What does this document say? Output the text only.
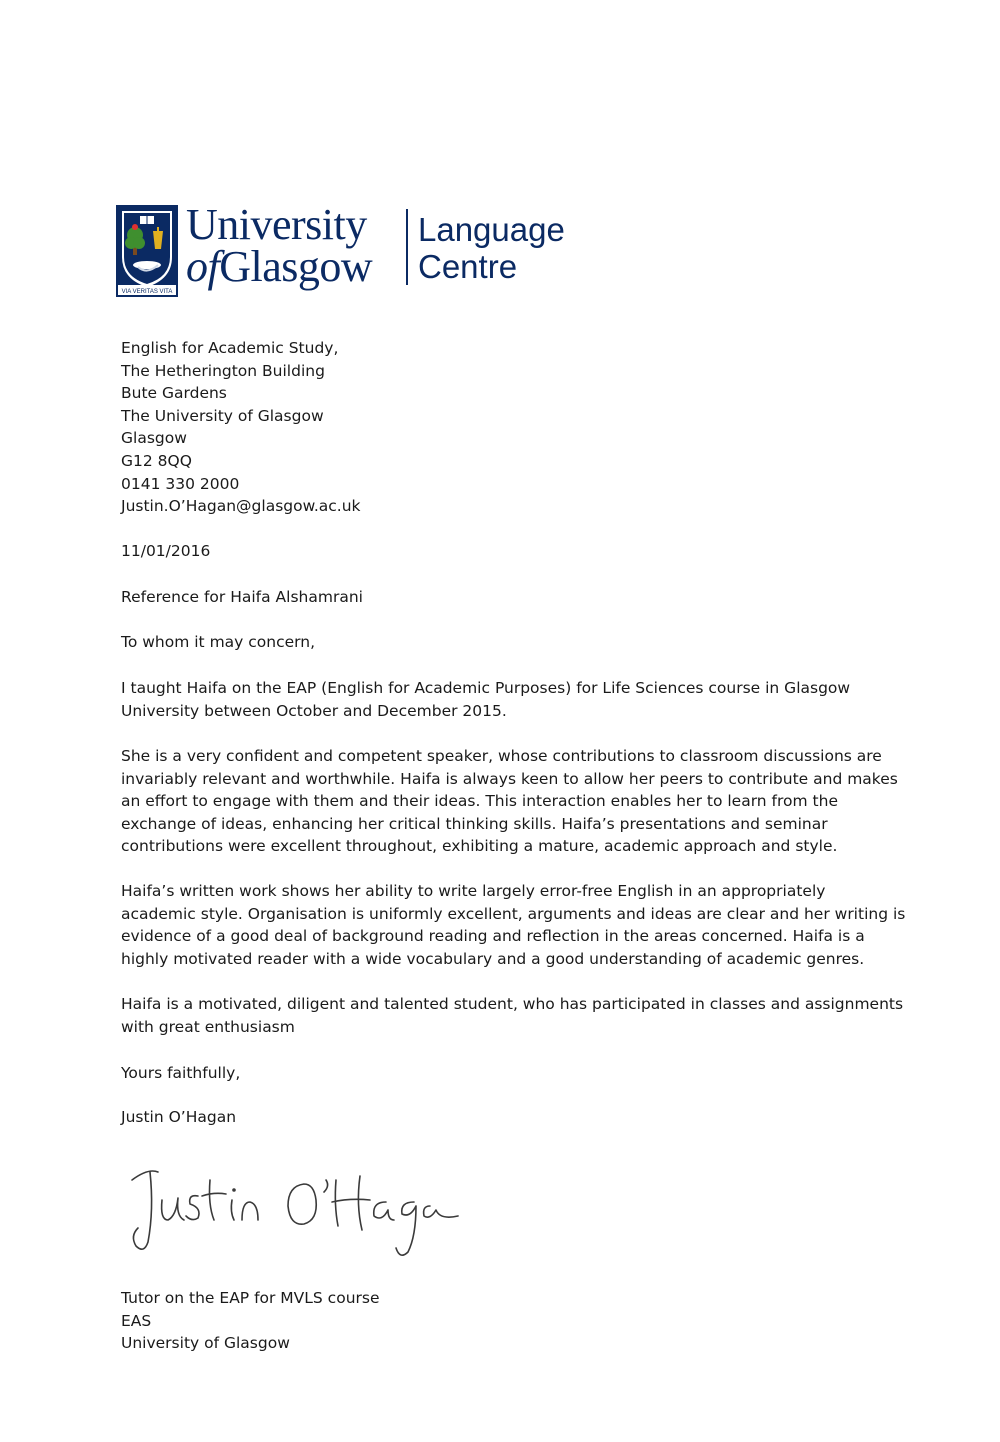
VIA VERITAS VITA
University
ofGlasgow
Language
Centre
English for Academic Study,
The Hetherington Building
Bute Gardens
The University of Glasgow
Glasgow
G12 8QQ
0141 330 2000
Justin.O’Hagan@glasgow.ac.uk
11/01/2016
Reference for Haifa Alshamrani
To whom it may concern,
I taught Haifa on the EAP (English for Academic Purposes) for Life Sciences course in Glasgow
University between October and December 2015.
She is a very confident and competent speaker, whose contributions to classroom discussions are
invariably relevant and worthwhile. Haifa is always keen to allow her peers to contribute and makes
an effort to engage with them and their ideas. This interaction enables her to learn from the
exchange of ideas, enhancing her critical thinking skills. Haifa’s presentations and seminar
contributions were excellent throughout, exhibiting a mature, academic approach and style.
Haifa’s written work shows her ability to write largely error-free English in an appropriately
academic style. Organisation is uniformly excellent, arguments and ideas are clear and her writing is
evidence of a good deal of background reading and reflection in the areas concerned. Haifa is a
highly motivated reader with a wide vocabulary and a good understanding of academic genres.
Haifa is a motivated, diligent and talented student, who has participated in classes and assignments
with great enthusiasm
Yours faithfully,
Justin O’Hagan
Tutor on the EAP for MVLS course
EAS
University of Glasgow
